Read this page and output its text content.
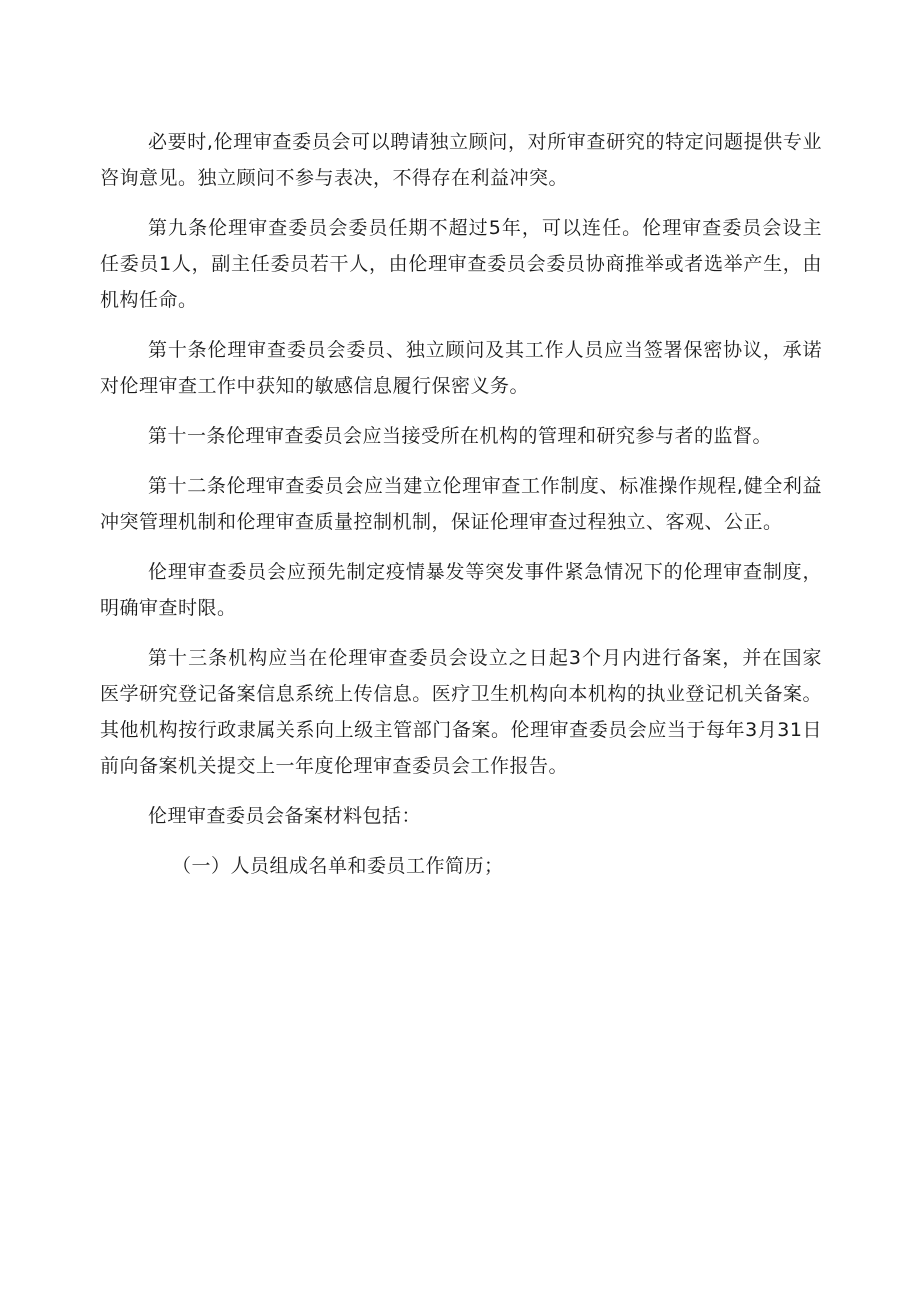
必要时,伦理审查委员会可以聘请独立顾问，对所审查研究的特定问题提供专业咨询意见。独立顾问不参与表决，不得存在利益冲突。

第九条伦理审查委员会委员任期不超过5年，可以连任。伦理审查委员会设主任委员1人，副主任委员若干人，由伦理审查委员会委员协商推举或者选举产生，由机构任命。

第十条伦理审查委员会委员、独立顾问及其工作人员应当签署保密协议，承诺对伦理审查工作中获知的敏感信息履行保密义务。

第十一条伦理审查委员会应当接受所在机构的管理和研究参与者的监督。

第十二条伦理审查委员会应当建立伦理审查工作制度、标准操作规程,健全利益冲突管理机制和伦理审查质量控制机制，保证伦理审查过程独立、客观、公正。

伦理审查委员会应预先制定疫情暴发等突发事件紧急情况下的伦理审查制度，明确审查时限。

第十三条机构应当在伦理审查委员会设立之日起3个月内进行备案，并在国家医学研究登记备案信息系统上传信息。医疗卫生机构向本机构的执业登记机关备案。其他机构按行政隶属关系向上级主管部门备案。伦理审查委员会应当于每年3月31日前向备案机关提交上一年度伦理审查委员会工作报告。

伦理审查委员会备案材料包括：

（一）人员组成名单和委员工作简历；
